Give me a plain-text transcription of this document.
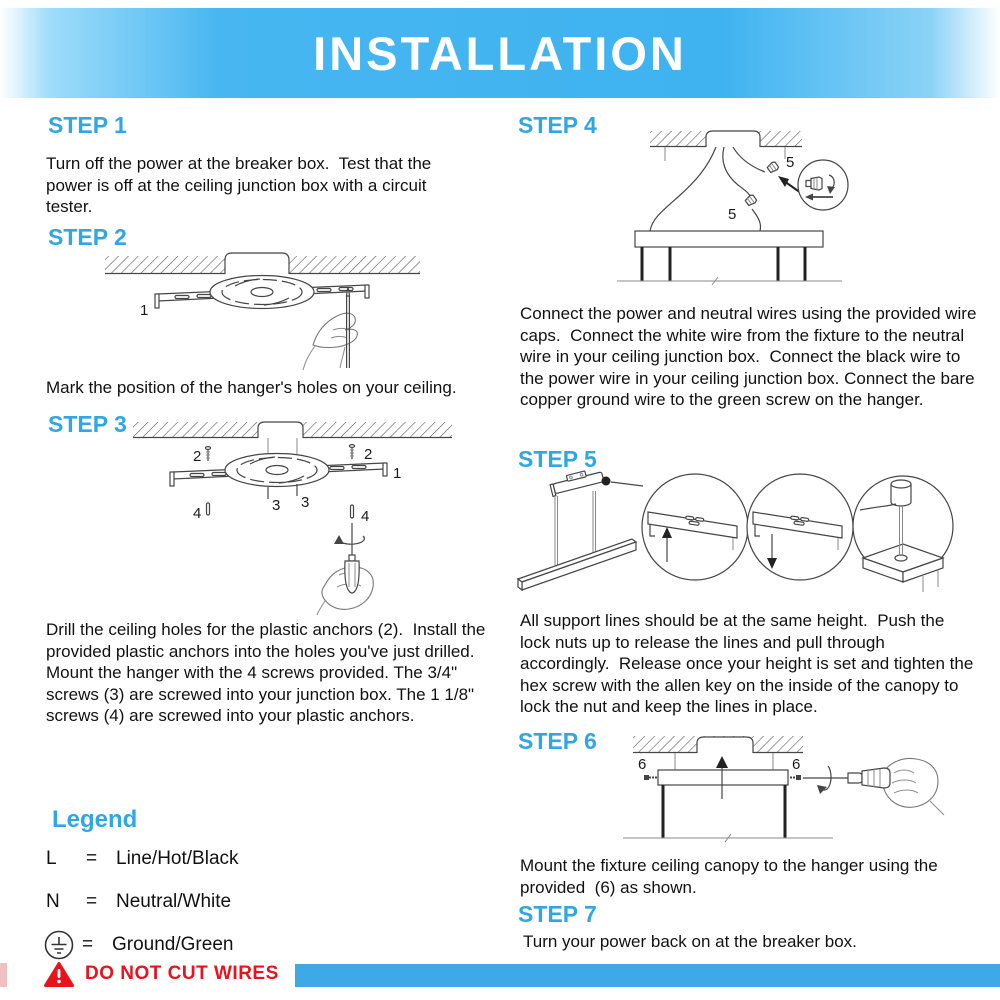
INSTALLATION
STEP 1
Turn off the power at the breaker box.  Test that the power is off at the ceiling junction box with a circuit tester.
STEP 2
1
Mark the position of the hanger's holes on your ceiling.
STEP 3
2	2
1
3 3
4	4
Drill the ceiling holes for the plastic anchors (2).  Install the provided plastic anchors into the holes you've just drilled.  Mount the hanger with the 4 screws provided. The 3/4" screws (3) are screwed into your junction box. The 1 1/8" screws (4) are screwed into your plastic anchors.
Legend
L	= Line/Hot/Black
N	= Neutral/White
= Ground/Green
STEP 4
5
5
Connect the power and neutral wires using the provided wire caps.  Connect the white wire from the fixture to the neutral wire in your ceiling junction box.  Connect the black wire to the power wire in your ceiling junction box. Connect the bare copper ground wire to the green screw on the hanger.
STEP 5
All support lines should be at the same height.  Push the lock nuts up to release the lines and pull through accordingly.  Release once your height is set and tighten the hex screw with the allen key on the inside of the canopy to lock the nut and keep the lines in place.
STEP 6
6	6
Mount the fixture ceiling canopy to the hanger using the provided  (6) as shown.
STEP 7
Turn your power back on at the breaker box.
DO NOT CUT WIRES
